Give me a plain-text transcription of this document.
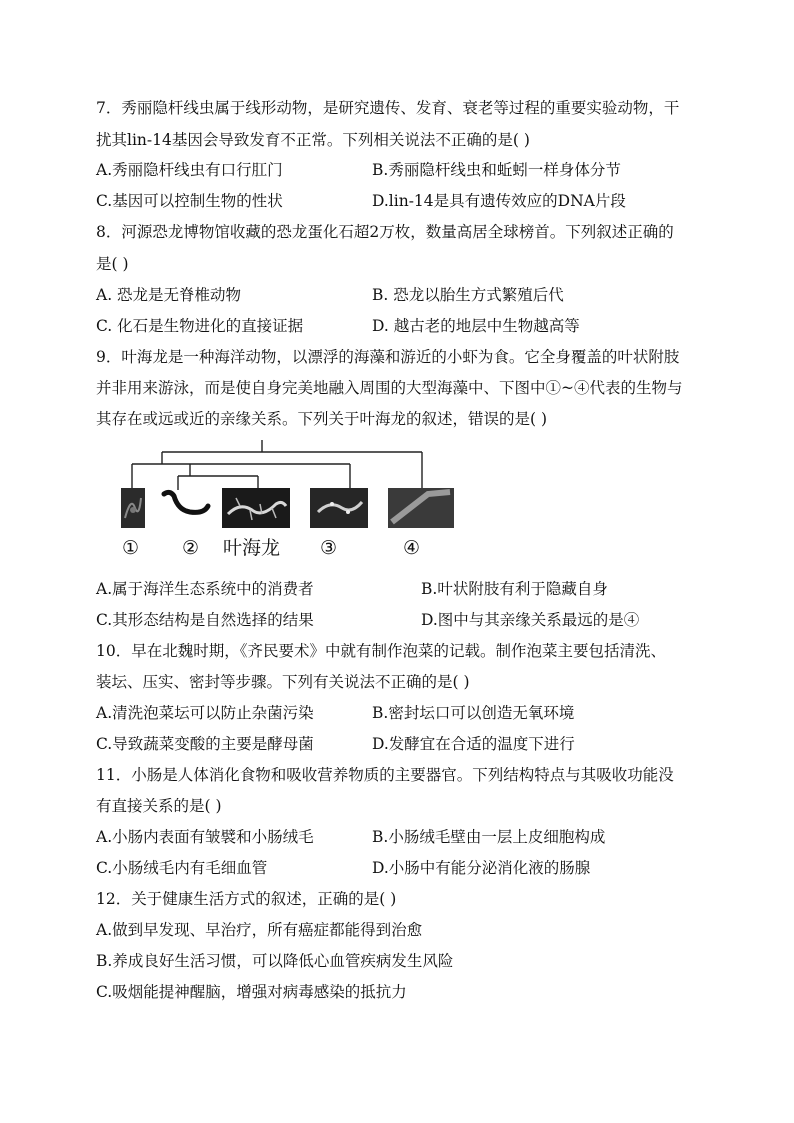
7．秀丽隐杆线虫属于线形动物，是研究遗传、发育、衰老等过程的重要实验动物，干
扰其lin-14基因会导致发育不正常。下列相关说法不正确的是( )
A.秀丽隐杆线虫有口行肛门	B.秀丽隐杆线虫和蚯蚓一样身体分节
C.基因可以控制生物的性状	D.lin-14是具有遗传效应的DNA片段
8．河源恐龙博物馆收藏的恐龙蛋化石超2万枚，数量高居全球榜首。下列叙述正确的
是( )
A. 恐龙是无脊椎动物	B. 恐龙以胎生方式繁殖后代
C. 化石是生物进化的直接证据	D. 越古老的地层中生物越高等
9．叶海龙是一种海洋动物，以漂浮的海藻和游近的小虾为食。它全身覆盖的叶状附肢
并非用来游泳，而是使自身完美地融入周围的大型海藻中、下图中①~④代表的生物与
其存在或远或近的亲缘关系。下列关于叶海龙的叙述，错误的是( )
① ② 叶海龙 ③	④
A.属于海洋生态系统中的消费者	B.叶状附肢有利于隐藏自身
C.其形态结构是自然选择的结果	D.图中与其亲缘关系最远的是④
10．早在北魏时期，《齐民要术》中就有制作泡菜的记载。制作泡菜主要包括清洗、
装坛、压实、密封等步骤。下列有关说法不正确的是( )
A.清洗泡菜坛可以防止杂菌污染	B.密封坛口可以创造无氧环境
C.导致蔬菜变酸的主要是酵母菌	D.发酵宜在合适的温度下进行
11．小肠是人体消化食物和吸收营养物质的主要器官。下列结构特点与其吸收功能没
有直接关系的是( )
A.小肠内表面有皱襞和小肠绒毛	B.小肠绒毛壁由一层上皮细胞构成
C.小肠绒毛内有毛细血管	D.小肠中有能分泌消化液的肠腺
12．关于健康生活方式的叙述，正确的是( )
A.做到早发现、早治疗，所有癌症都能得到治愈
B.养成良好生活习惯，可以降低心血管疾病发生风险
C.吸烟能提神醒脑，增强对病毒感染的抵抗力
